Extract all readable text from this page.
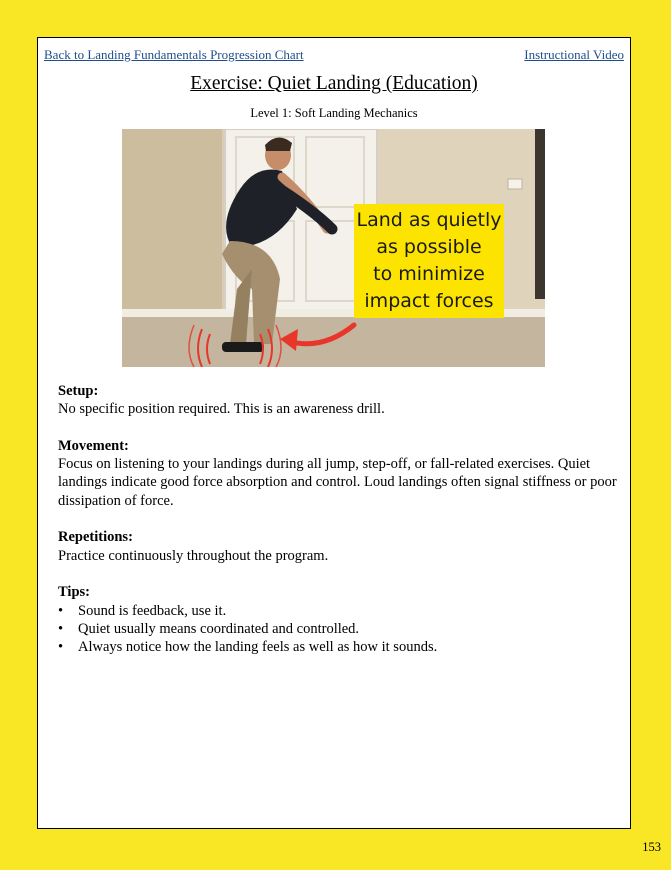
Back to Landing Fundamentals Progression Chart	Instructional Video
Exercise: Quiet Landing (Education)
Level 1: Soft Landing Mechanics
Land as quietly
as possible
to minimize
impact forces
Setup:
No specific position required. This is an awareness drill.
Movement:
Focus on listening to your landings during all jump, step-off, or fall-related exercises. Quiet landings indicate good force absorption and control. Loud landings often signal stiffness or poor dissipation of force.
Repetitions:
Practice continuously throughout the program.
Tips:
• Sound is feedback, use it.
• Quiet usually means coordinated and controlled.
• Always notice how the landing feels as well as how it sounds.
153
